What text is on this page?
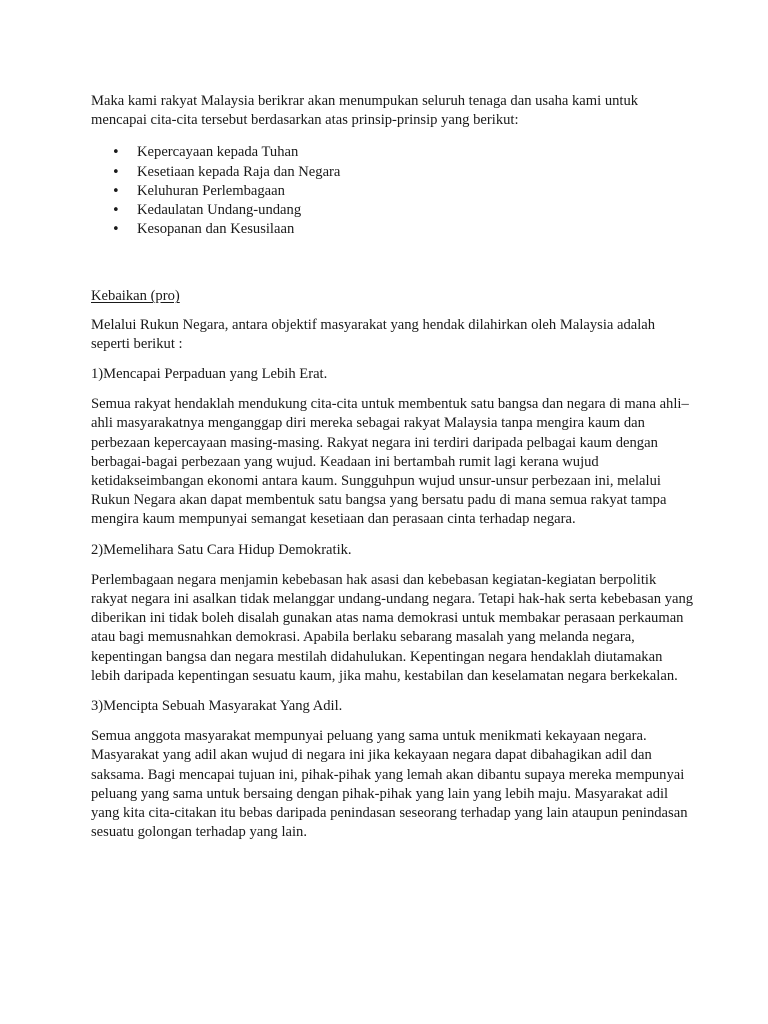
Maka kami rakyat Malaysia berikrar akan menumpukan seluruh tenaga dan usaha kami untuk mencapai cita-cita tersebut berdasarkan atas prinsip-prinsip yang berikut:

• Kepercayaan kepada Tuhan
• Kesetiaan kepada Raja dan Negara
• Keluhuran Perlembagaan
• Kedaulatan Undang-undang
• Kesopanan dan Kesusilaan

Kebaikan (pro)

Melalui Rukun Negara, antara objektif masyarakat yang hendak dilahirkan oleh Malaysia adalah seperti berikut :

1)Mencapai Perpaduan yang Lebih Erat.

Semua rakyat hendaklah mendukung cita-cita untuk membentuk satu bangsa dan negara di mana ahli–ahli masyarakatnya menganggap diri mereka sebagai rakyat Malaysia tanpa mengira kaum dan perbezaan kepercayaan masing-masing. Rakyat negara ini terdiri daripada pelbagai kaum dengan berbagai-bagai perbezaan yang wujud. Keadaan ini bertambah rumit lagi kerana wujud ketidakseimbangan ekonomi antara kaum. Sungguhpun wujud unsur-unsur perbezaan ini, melalui Rukun Negara akan dapat membentuk satu bangsa yang bersatu padu di mana semua rakyat tampa mengira kaum mempunyai semangat kesetiaan dan perasaan cinta terhadap negara.

2)Memelihara Satu Cara Hidup Demokratik.

Perlembagaan negara menjamin kebebasan hak asasi dan kebebasan kegiatan-kegiatan berpolitik rakyat negara ini asalkan tidak melanggar undang-undang negara. Tetapi hak-hak serta kebebasan yang diberikan ini tidak boleh disalah gunakan atas nama demokrasi untuk membakar perasaan perkauman atau bagi memusnahkan demokrasi. Apabila berlaku sebarang masalah yang melanda negara, kepentingan bangsa dan negara mestilah didahulukan. Kepentingan negara hendaklah diutamakan lebih daripada kepentingan sesuatu kaum, jika mahu, kestabilan dan keselamatan negara berkekalan.

3)Mencipta Sebuah Masyarakat Yang Adil.

Semua anggota masyarakat mempunyai peluang yang sama untuk menikmati kekayaan negara. Masyarakat yang adil akan wujud di negara ini jika kekayaan negara dapat dibahagikan adil dan saksama. Bagi mencapai tujuan ini, pihak-pihak yang lemah akan dibantu supaya mereka mempunyai peluang yang sama untuk bersaing dengan pihak-pihak yang lain yang lebih maju. Masyarakat adil yang kita cita-citakan itu bebas daripada penindasan seseorang terhadap yang lain ataupun penindasan sesuatu golongan terhadap yang lain.
